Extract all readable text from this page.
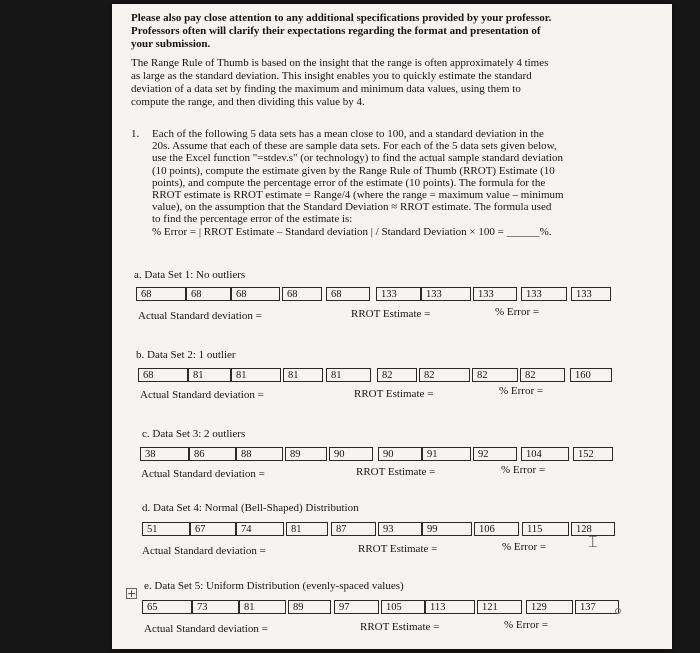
Please also pay close attention to any additional specifications provided by your professor.
Professors often will clarify their expectations regarding the format and presentation of
your submission.
The Range Rule of Thumb is based on the insight that the range is often approximately 4 times
as large as the standard deviation. This insight enables you to quickly estimate the standard
deviation of a data set by finding the maximum and minimum data values, using them to
compute the range, and then dividing this value by 4.
1. Each of the following 5 data sets has a mean close to 100, and a standard deviation in the
20s. Assume that each of these are sample data sets. For each of the 5 data sets given below,
use the Excel function "=stdev.s" (or technology) to find the actual sample standard deviation
(10 points), compute the estimate given by the Range Rule of Thumb (RROT) Estimate (10
points), and compute the percentage error of the estimate (10 points). The formula for the
RROT estimate is RROT estimate = Range/4 (where the range = maximum value – minimum
value), on the assumption that the Standard Deviation ≈ RROT estimate. The formula used
to find the percentage error of the estimate is:
% Error = | RROT Estimate – Standard deviation | / Standard Deviation × 100 = ______%.
a. Data Set 1: No outliers
68	68	68	68	68	133	133	133	133	133
Actual Standard deviation =	RROT Estimate =	% Error =
b. Data Set 2: 1 outlier
68	81	81	81	81	82	82	82	82	160
Actual Standard deviation =	RROT Estimate =	% Error =
c. Data Set 3: 2 outliers
38	86	88	89	90	90	91	92	104	152
Actual Standard deviation =	RROT Estimate =	% Error =
d. Data Set 4: Normal (Bell-Shaped) Distribution
51	67	74	81	87	93	99	106	115	128
Actual Standard deviation =	RROT Estimate =	% Error =	⌶
+
e. Data Set 5: Uniform Distribution (evenly-spaced values)
65	73	81	89	97	105	113	121	129	137
Actual Standard deviation =	RROT Estimate =	% Error =
